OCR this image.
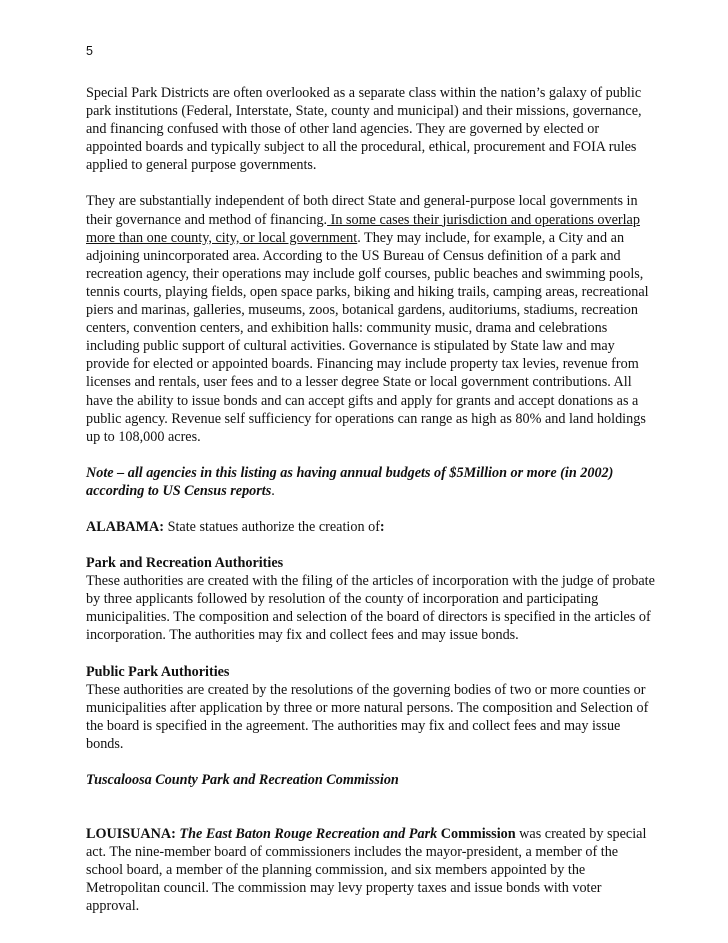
5

Special Park Districts are often overlooked as a separate class within the nation’s galaxy of public park institutions (Federal, Interstate, State, county and municipal) and their missions, governance, and financing confused with those of other land agencies. They are governed by elected or appointed boards and typically subject to all the procedural, ethical, procurement and FOIA rules applied to general purpose governments.

They are substantially independent of both direct State and general-purpose local governments in their governance and method of financing. In some cases their jurisdiction and operations overlap more than one county, city, or local government. They may include, for example, a City and an adjoining unincorporated area. According to the US Bureau of Census definition of a park and recreation agency, their operations may include golf courses, public beaches and swimming pools, tennis courts, playing fields, open space parks, biking and hiking trails, camping areas, recreational piers and marinas, galleries, museums, zoos, botanical gardens, auditoriums, stadiums, recreation centers, convention centers, and exhibition halls: community music, drama and celebrations including public support of cultural activities. Governance is stipulated by State law and may provide for elected or appointed boards. Financing may include property tax levies, revenue from licenses and rentals, user fees and to a lesser degree State or local government contributions. All have the ability to issue bonds and can accept gifts and apply for grants and accept donations as a public agency. Revenue self sufficiency for operations can range as high as 80% and land holdings up to 108,000 acres.

Note – all agencies in this listing as having annual budgets of $5Million or more (in 2002) according to US Census reports.

ALABAMA: State statues authorize the creation of:

Park and Recreation Authorities
These authorities are created with the filing of the articles of incorporation with the judge of probate by three applicants followed by resolution of the county of incorporation and participating municipalities. The composition and selection of the board of directors is specified in the articles of incorporation. The authorities may fix and collect fees and may issue bonds.

Public Park Authorities
These authorities are created by the resolutions of the governing bodies of two or more counties or municipalities after application by three or more natural persons. The composition and Selection of the board is specified in the agreement. The authorities may fix and collect fees and may issue bonds.

Tuscaloosa County Park and Recreation Commission

LOUISUANA: The East Baton Rouge Recreation and Park Commission was created by special act. The nine-member board of commissioners includes the mayor-president, a member of the school board, a member of the planning commission, and six members appointed by the Metropolitan council. The commission may levy property taxes and issue bonds with voter approval.
